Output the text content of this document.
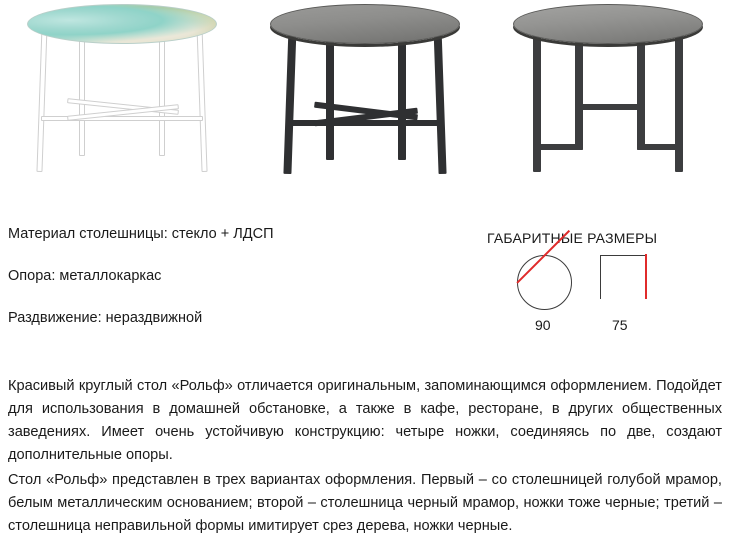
Материал столешницы: стекло + ЛДСП

Опора: металлокаркас

Раздвижение: нераздвижной

ГАБАРИТНЫЕ РАЗМЕРЫ
90	75

Красивый круглый стол «Рольф» отличается оригинальным, запоминающимся оформлением. Подойдет для использования в домашней обстановке, а также в кафе, ресторане, в других общественных заведениях. Имеет очень устойчивую конструкцию: четыре ножки, соединяясь по две, создают дополнительные опоры.

Стол «Рольф» представлен в трех вариантах оформления. Первый – со столешницей голубой мрамор, белым металлическим основанием; второй – столешница черный мрамор, ножки тоже черные; третий – столешница неправильной формы имитирует срез дерева, ножки черные.
